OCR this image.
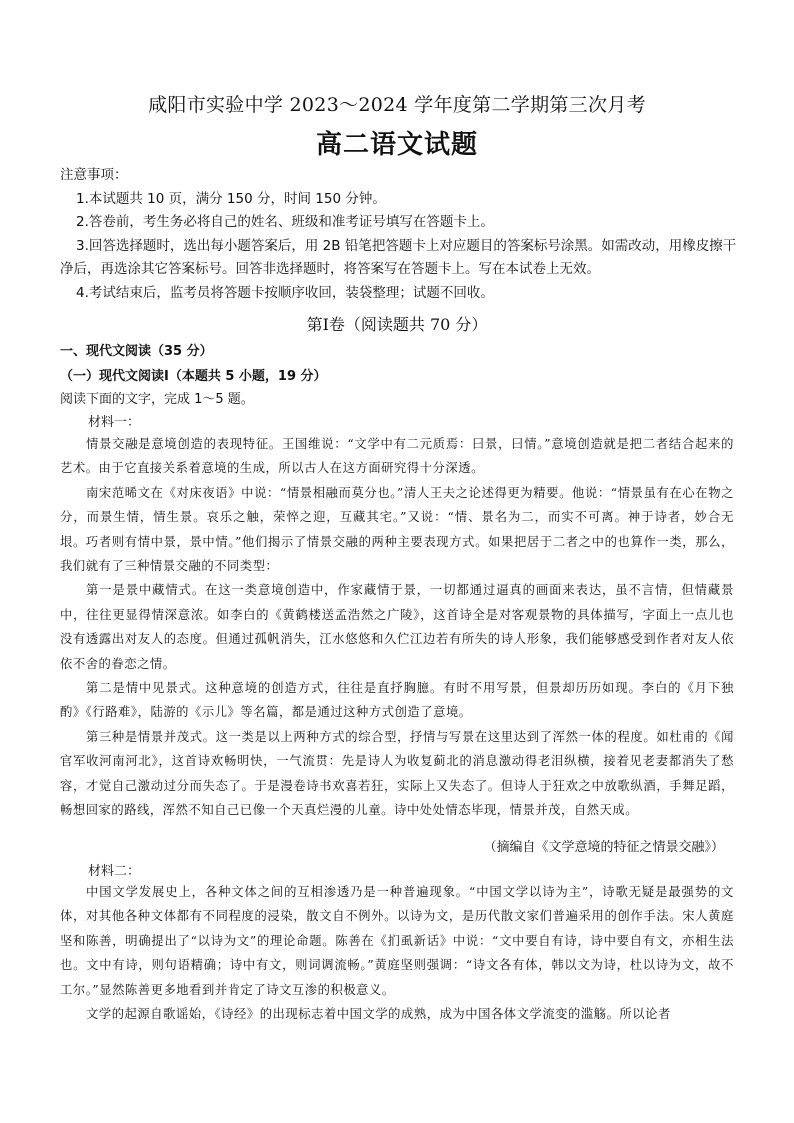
咸阳市实验中学 2023～2024 学年度第二学期第三次月考
高二语文试题

注意事项：

1.本试题共 10 页，满分 150 分，时间 150 分钟。

2.答卷前，考生务必将自己的姓名、班级和准考证号填写在答题卡上。

3.回答选择题时，选出每小题答案后，用 2B 铅笔把答题卡上对应题目的答案标号涂黑。如需改动，用橡皮擦干净后，再选涂其它答案标号。回答非选择题时，将答案写在答题卡上。写在本试卷上无效。

4.考试结束后，监考员将答题卡按顺序收回，装袋整理；试题不回收。

第Ⅰ卷（阅读题共 70 分）
一、现代文阅读（35 分）
（一）现代文阅读Ⅰ（本题共 5 小题，19 分）
阅读下面的文字，完成 1～5 题。
材料一：

情景交融是意境创造的表现特征。王国维说：“文学中有二元质焉：曰景，曰情。”意境创造就是把二者结合起来的艺术。由于它直接关系着意境的生成，所以古人在这方面研究得十分深透。

南宋范晞文在《对床夜语》中说：“情景相融而莫分也。”清人王夫之论述得更为精要。他说：“情景虽有在心在物之分，而景生情，情生景。哀乐之触，荣悴之迎，互藏其宅。”又说：“情、景名为二，而实不可离。神于诗者，妙合无垠。巧者则有情中景，景中情。”他们揭示了情景交融的两种主要表现方式。如果把居于二者之中的也算作一类，那么，我们就有了三种情景交融的不同类型：

第一是景中藏情式。在这一类意境创造中，作家藏情于景，一切都通过逼真的画面来表达，虽不言情，但情藏景中，往往更显得情深意浓。如李白的《黄鹤楼送孟浩然之广陵》，这首诗全是对客观景物的具体描写，字面上一点儿也没有透露出对友人的态度。但通过孤帆消失，江水悠悠和久伫江边若有所失的诗人形象，我们能够感受到作者对友人依依不舍的眷恋之情。

第二是情中见景式。这种意境的创造方式，往往是直抒胸臆。有时不用写景，但景却历历如现。李白的《月下独酌》《行路难》，陆游的《示儿》等名篇，都是通过这种方式创造了意境。

第三种是情景并茂式。这一类是以上两种方式的综合型，抒情与写景在这里达到了浑然一体的程度。如杜甫的《闻官军收河南河北》，这首诗欢畅明快，一气流贯：先是诗人为收复蓟北的消息激动得老泪纵横，接着见老妻都消失了愁容，才觉自己激动过分而失态了。于是漫卷诗书欢喜若狂，实际上又失态了。但诗人于狂欢之中放歌纵酒，手舞足蹈，畅想回家的路线，浑然不知自己已像一个天真烂漫的儿童。诗中处处情态毕现，情景并茂，自然天成。

（摘编自《文学意境的特征之情景交融》）
材料二：

中国文学发展史上，各种文体之间的互相渗透乃是一种普遍现象。“中国文学以诗为主”，诗歌无疑是最强势的文体，对其他各种文体都有不同程度的浸染，散文自不例外。以诗为文，是历代散文家们普遍采用的创作手法。宋人黄庭坚和陈善，明确提出了“以诗为文”的理论命题。陈善在《扪虱新话》中说：“文中要自有诗，诗中要自有文，亦相生法也。文中有诗，则句语精确；诗中有文，则词调流畅。”黄庭坚则强调：“诗文各有体，韩以文为诗，杜以诗为文，故不工尔。”显然陈善更多地看到并肯定了诗文互渗的积极意义。

文学的起源自歌谣始，《诗经》的出现标志着中国文学的成熟，成为中国各体文学流变的滥觞。所以论者
